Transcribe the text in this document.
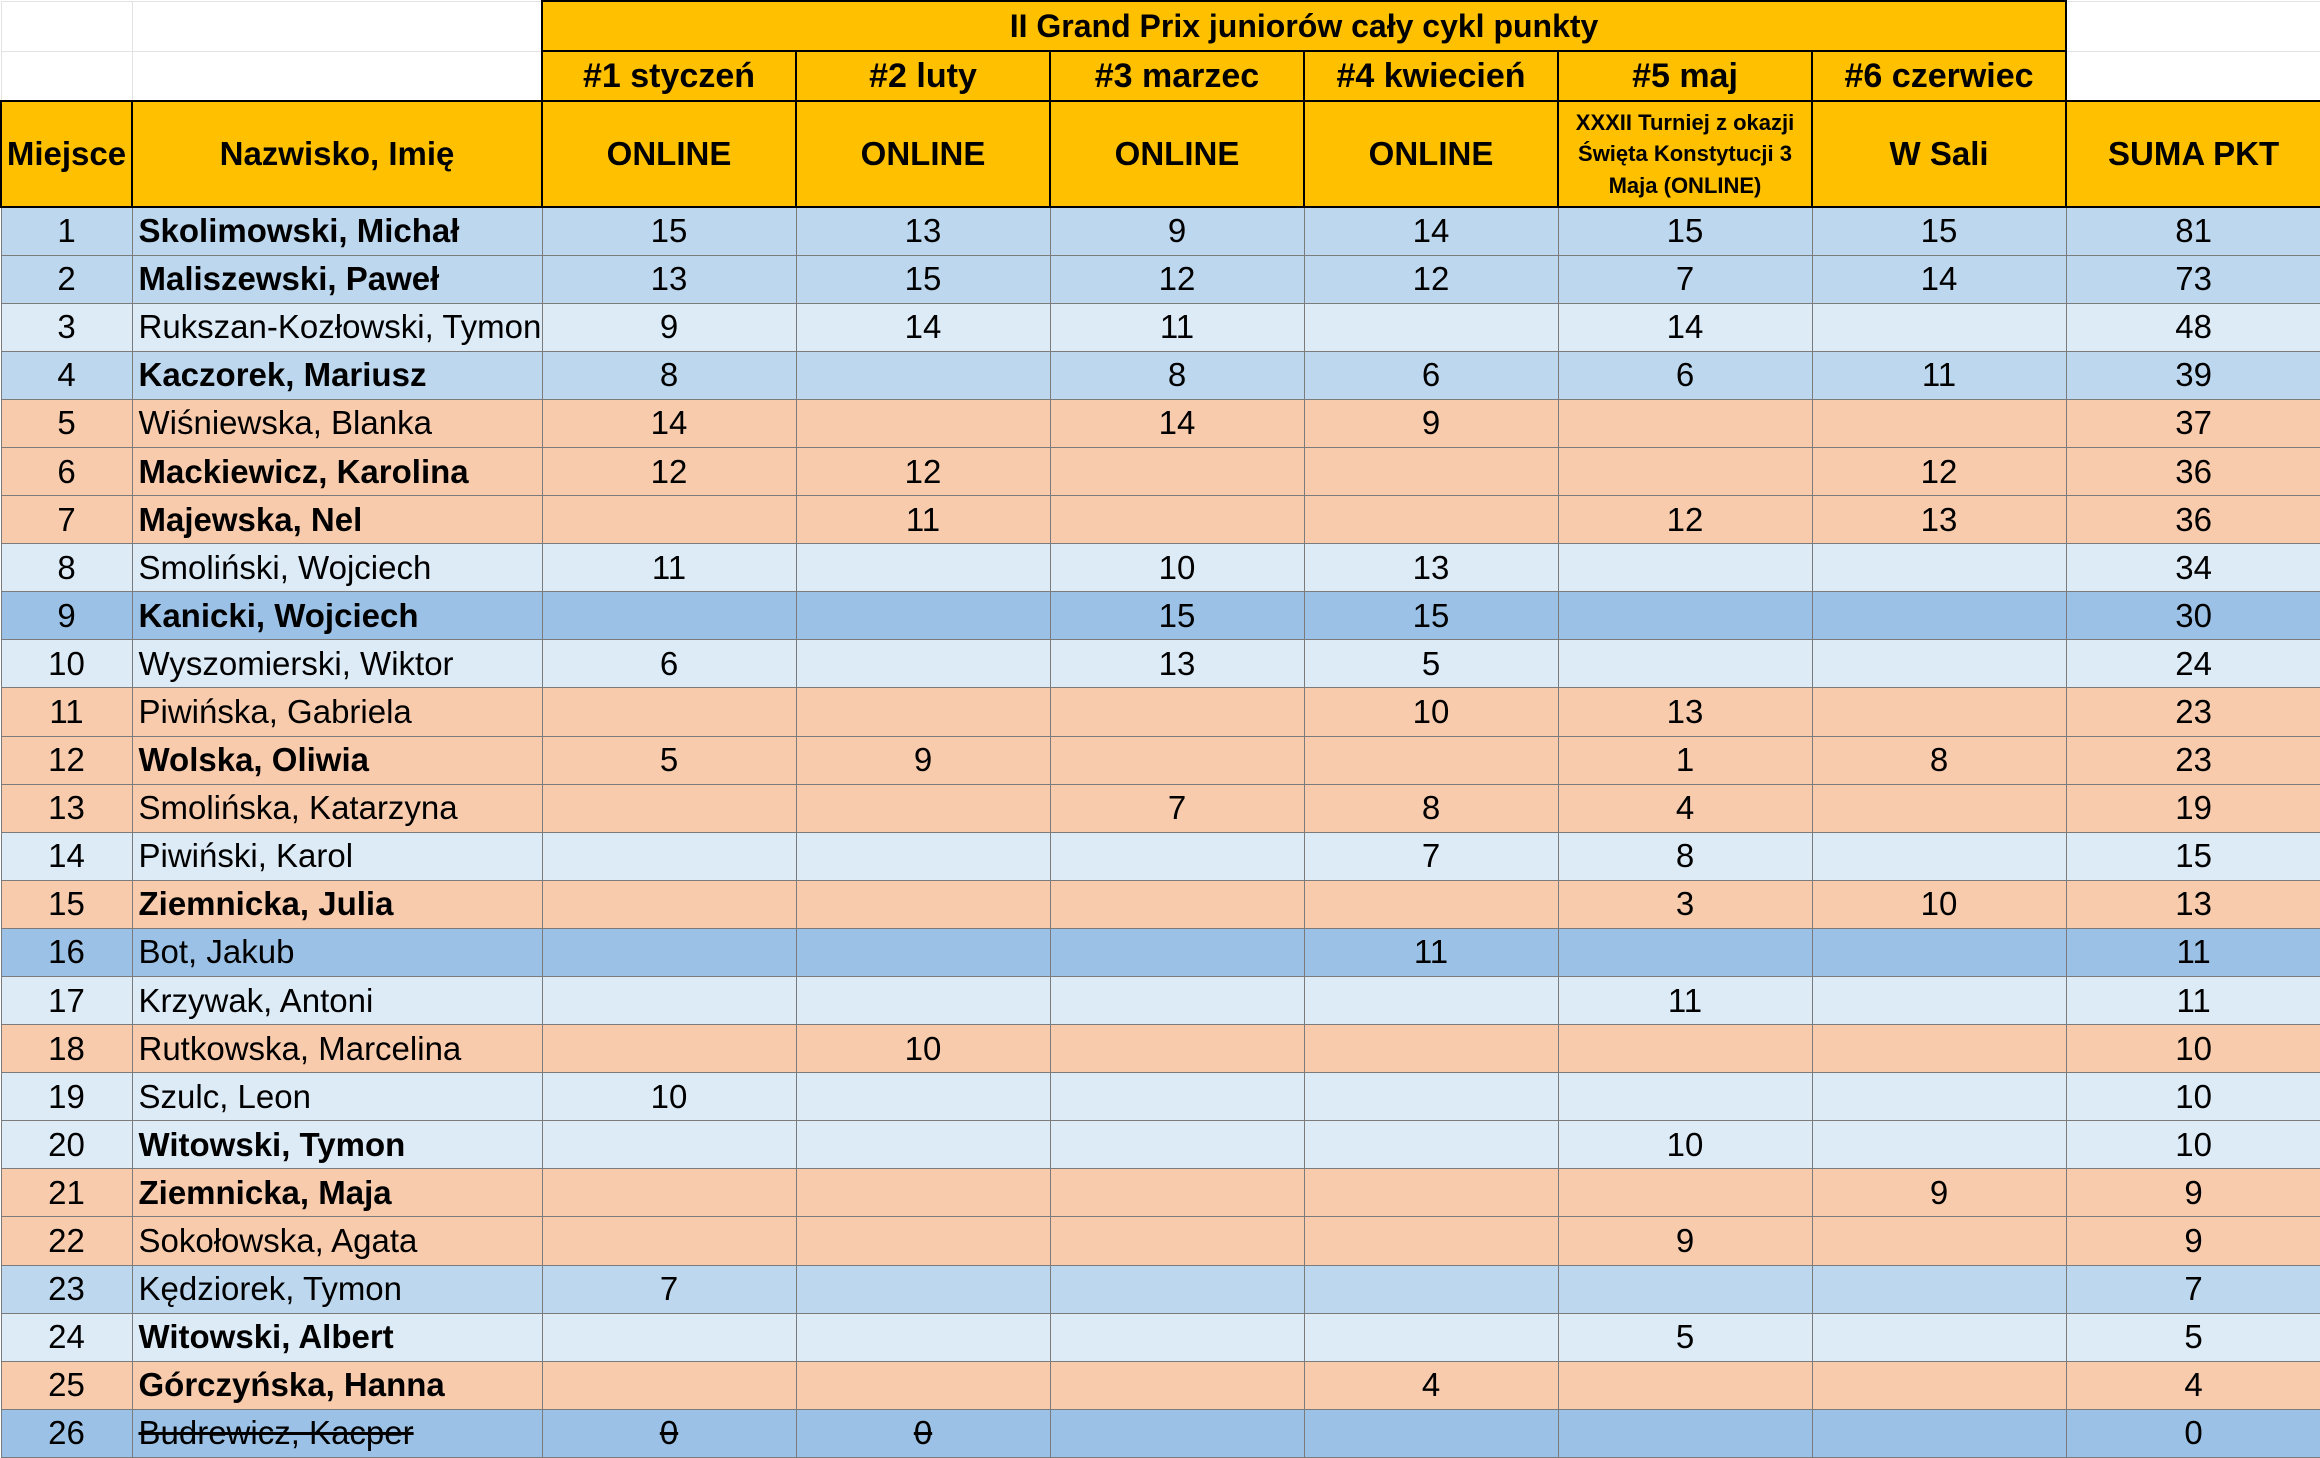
		II Grand Prix juniorów cały cykl punkty						
		#1 styczeń	#2 luty	#3 marzec	#4 kwiecień	#5 maj	#6 czerwiec	
Miejsce	Nazwisko, Imię	ONLINE	ONLINE	ONLINE	ONLINE	XXXII Turniej z okazji Święta Konstytucji 3 Maja (ONLINE)	W Sali	SUMA PKT
1	Skolimowski, Michał	15	13	9	14	15	15	81
2	Maliszewski, Paweł	13	15	12	12	7	14	73
3	Rukszan-Kozłowski, Tymon	9	14	11		14		48
4	Kaczorek, Mariusz	8		8	6	6	11	39
5	Wiśniewska, Blanka	14		14	9			37
6	Mackiewicz, Karolina	12	12				12	36
7	Majewska, Nel		11			12	13	36
8	Smoliński, Wojciech	11		10	13			34
9	Kanicki, Wojciech			15	15			30
10	Wyszomierski, Wiktor	6		13	5			24
11	Piwińska, Gabriela				10	13		23
12	Wolska, Oliwia	5	9			1	8	23
13	Smolińska, Katarzyna			7	8	4		19
14	Piwiński, Karol				7	8		15
15	Ziemnicka, Julia					3	10	13
16	Bot, Jakub				11			11
17	Krzywak, Antoni					11		11
18	Rutkowska, Marcelina		10					10
19	Szulc, Leon	10						10
20	Witowski, Tymon					10		10
21	Ziemnicka, Maja						9	9
22	Sokołowska, Agata					9		9
23	Kędziorek, Tymon	7						7
24	Witowski, Albert					5		5
25	Górczyńska, Hanna				4			4
26	Budrewicz, Kacper	0	0					0
